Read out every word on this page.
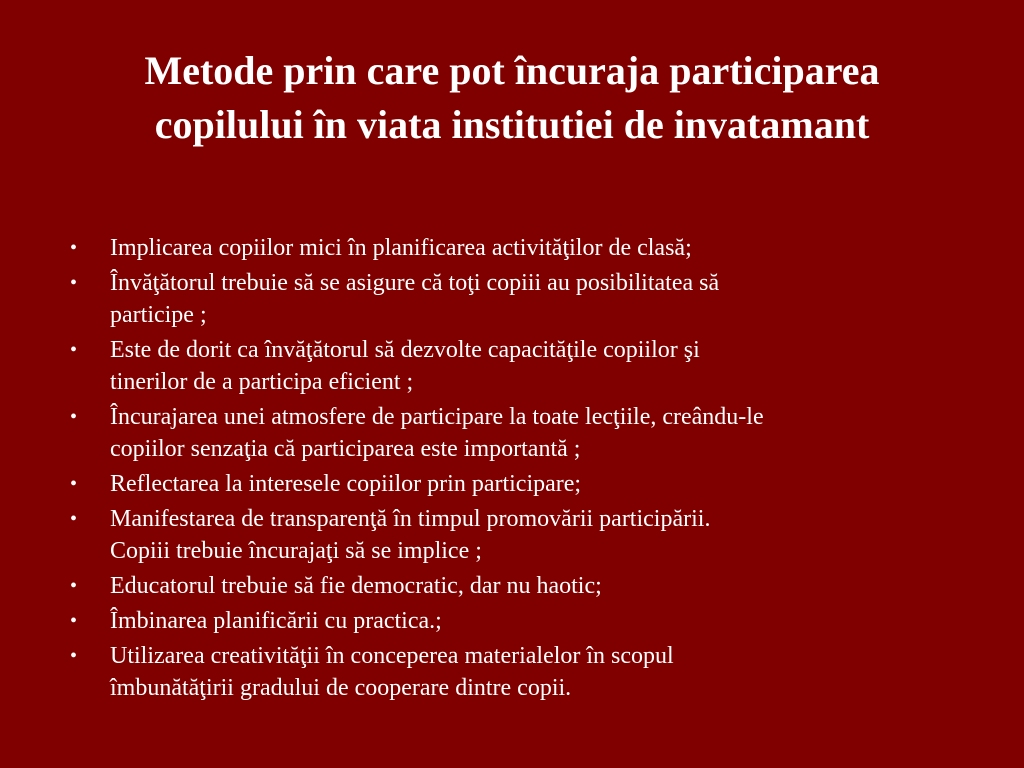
Metode prin care pot încuraja participarea
copilului în viata institutiei de invatamant
•	Implicarea copiilor mici în planificarea activităţilor de clasă;
•	Învăţătorul trebuie să se asigure că toţi copiii au posibilitatea să
participe ;
•	Este de dorit ca învăţătorul să dezvolte capacităţile copiilor şi
tinerilor de a participa eficient ;
•	Încurajarea unei atmosfere de participare la toate lecţiile, creându-le
copiilor senzaţia că participarea este importantă ;
•	Reflectarea la interesele copiilor prin participare;
•	Manifestarea de transparenţă în timpul promovării participării.
Copiii trebuie încurajaţi să se implice ;
•	Educatorul trebuie să fie democratic, dar nu haotic;
•	Îmbinarea planificării cu practica.;
•	Utilizarea creativităţii în conceperea materialelor în scopul
îmbunătăţirii gradului de cooperare dintre copii.
